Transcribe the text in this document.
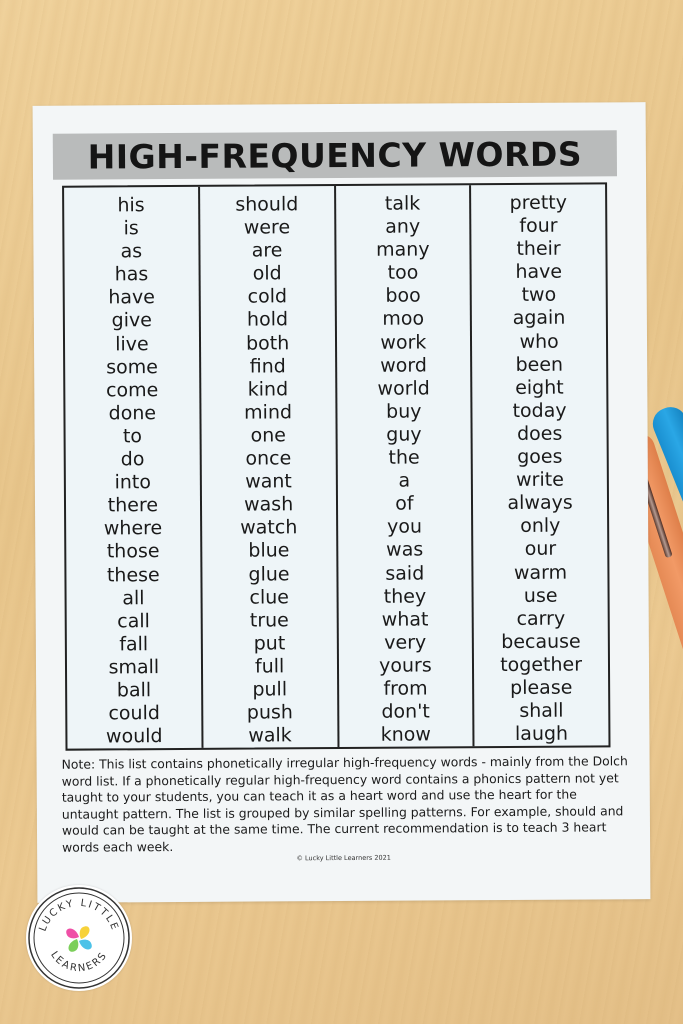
HIGH-FREQUENCY WORDS
his
is
as
has
have
give
live
some
come
done
to
do
into
there
where
those
these
all
call
fall
small
ball
could
would
should
were
are
old
cold
hold
both
find
kind
mind
one
once
want
wash
watch
blue
glue
clue
true
put
full
pull
push
walk
talk
any
many
too
boo
moo
work
word
world
buy
guy
the
a
of
you
was
said
they
what
very
yours
from
don't
know
pretty
four
their
have
two
again
who
been
eight
today
does
goes
write
always
only
our
warm
use
carry
because
together
please
shall
laugh
Note: This list contains phonetically irregular high-frequency words - mainly from the Dolch word list. If a phonetically regular high-frequency word contains a phonics pattern not yet taught to your students, you can teach it as a heart word and use the heart for the untaught pattern. The list is grouped by similar spelling patterns. For example, should and would can be taught at the same time. The current recommendation is to teach 3 heart words each week.
© Lucky Little Learners 2021
LUCKY LITTLE
LEARNERS
